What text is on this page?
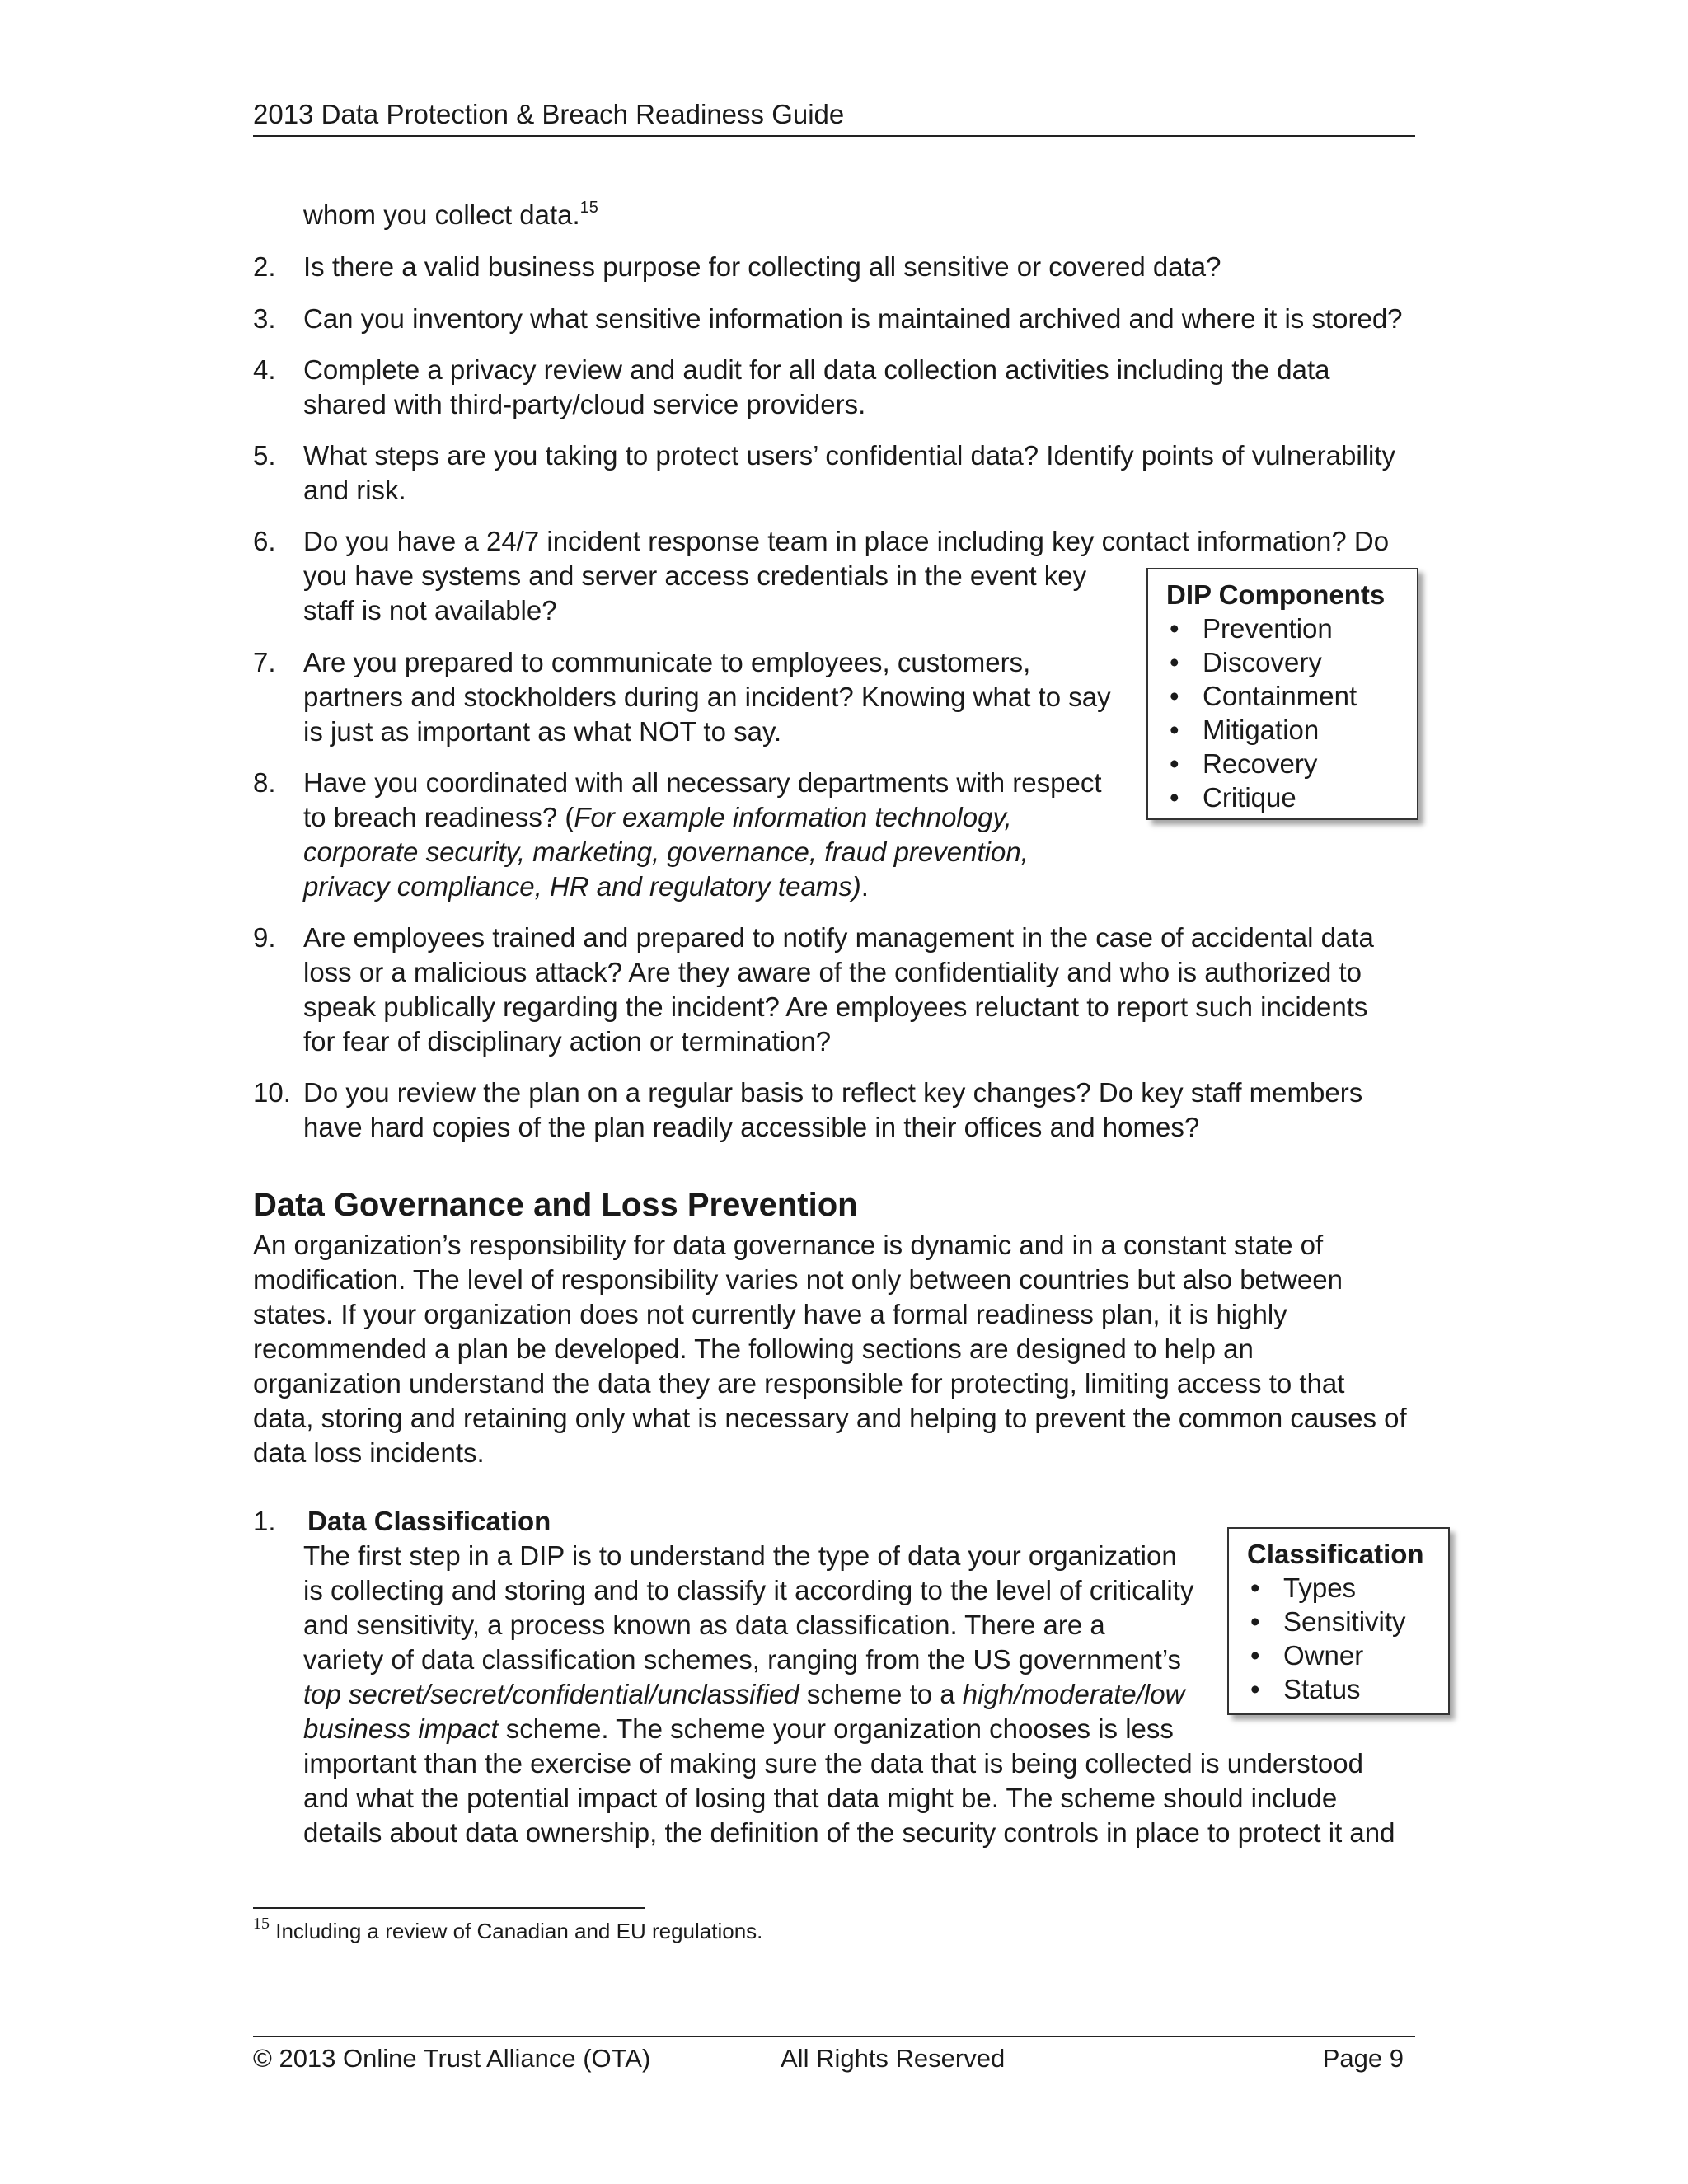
2013 Data Protection & Breach Readiness Guide
whom you collect data.$^{15}$
2. Is there a valid business purpose for collecting all sensitive or covered data?
3. Can you inventory what sensitive information is maintained archived and where it is stored?
4. Complete a privacy review and audit for all data collection activities including the data
shared with third-party/cloud service providers.
5. What steps are you taking to protect users’ confidential data? Identify points of vulnerability
and risk.
6. Do you have a 24/7 incident response team in place including key contact information? Do
you have systems and server access credentials in the event key
staff is not available?
7. Are you prepared to communicate to employees, customers,
partners and stockholders during an incident? Knowing what to say
is just as important as what NOT to say.
8. Have you coordinated with all necessary departments with respect
to breach readiness? (For example information technology,
corporate security, marketing, governance, fraud prevention,
privacy compliance, HR and regulatory teams).
9. Are employees trained and prepared to notify management in the case of accidental data
loss or a malicious attack? Are they aware of the confidentiality and who is authorized to
speak publically regarding the incident? Are employees reluctant to report such incidents
for fear of disciplinary action or termination?
10. Do you review the plan on a regular basis to reflect key changes? Do key staff members
have hard copies of the plan readily accessible in their offices and homes?
DIP Components
• Prevention
• Discovery
• Containment
• Mitigation
• Recovery
• Critique
Data Governance and Loss Prevention
An organization’s responsibility for data governance is dynamic and in a constant state of
modification. The level of responsibility varies not only between countries but also between
states. If your organization does not currently have a formal readiness plan, it is highly
recommended a plan be developed. The following sections are designed to help an
organization understand the data they are responsible for protecting, limiting access to that
data, storing and retaining only what is necessary and helping to prevent the common causes of
data loss incidents.
1. Data Classification
The first step in a DIP is to understand the type of data your organization
is collecting and storing and to classify it according to the level of criticality
and sensitivity, a process known as data classification. There are a
variety of data classification schemes, ranging from the US government’s
top secret/secret/confidential/unclassified scheme to a high/moderate/low
business impact scheme. The scheme your organization chooses is less
important than the exercise of making sure the data that is being collected is understood
and what the potential impact of losing that data might be. The scheme should include
details about data ownership, the definition of the security controls in place to protect it and
Classification
• Types
• Sensitivity
• Owner
• Status
$^{15}$ Including a review of Canadian and EU regulations.
© 2013 Online Trust Alliance (OTA)	All Rights Reserved	Page 9
